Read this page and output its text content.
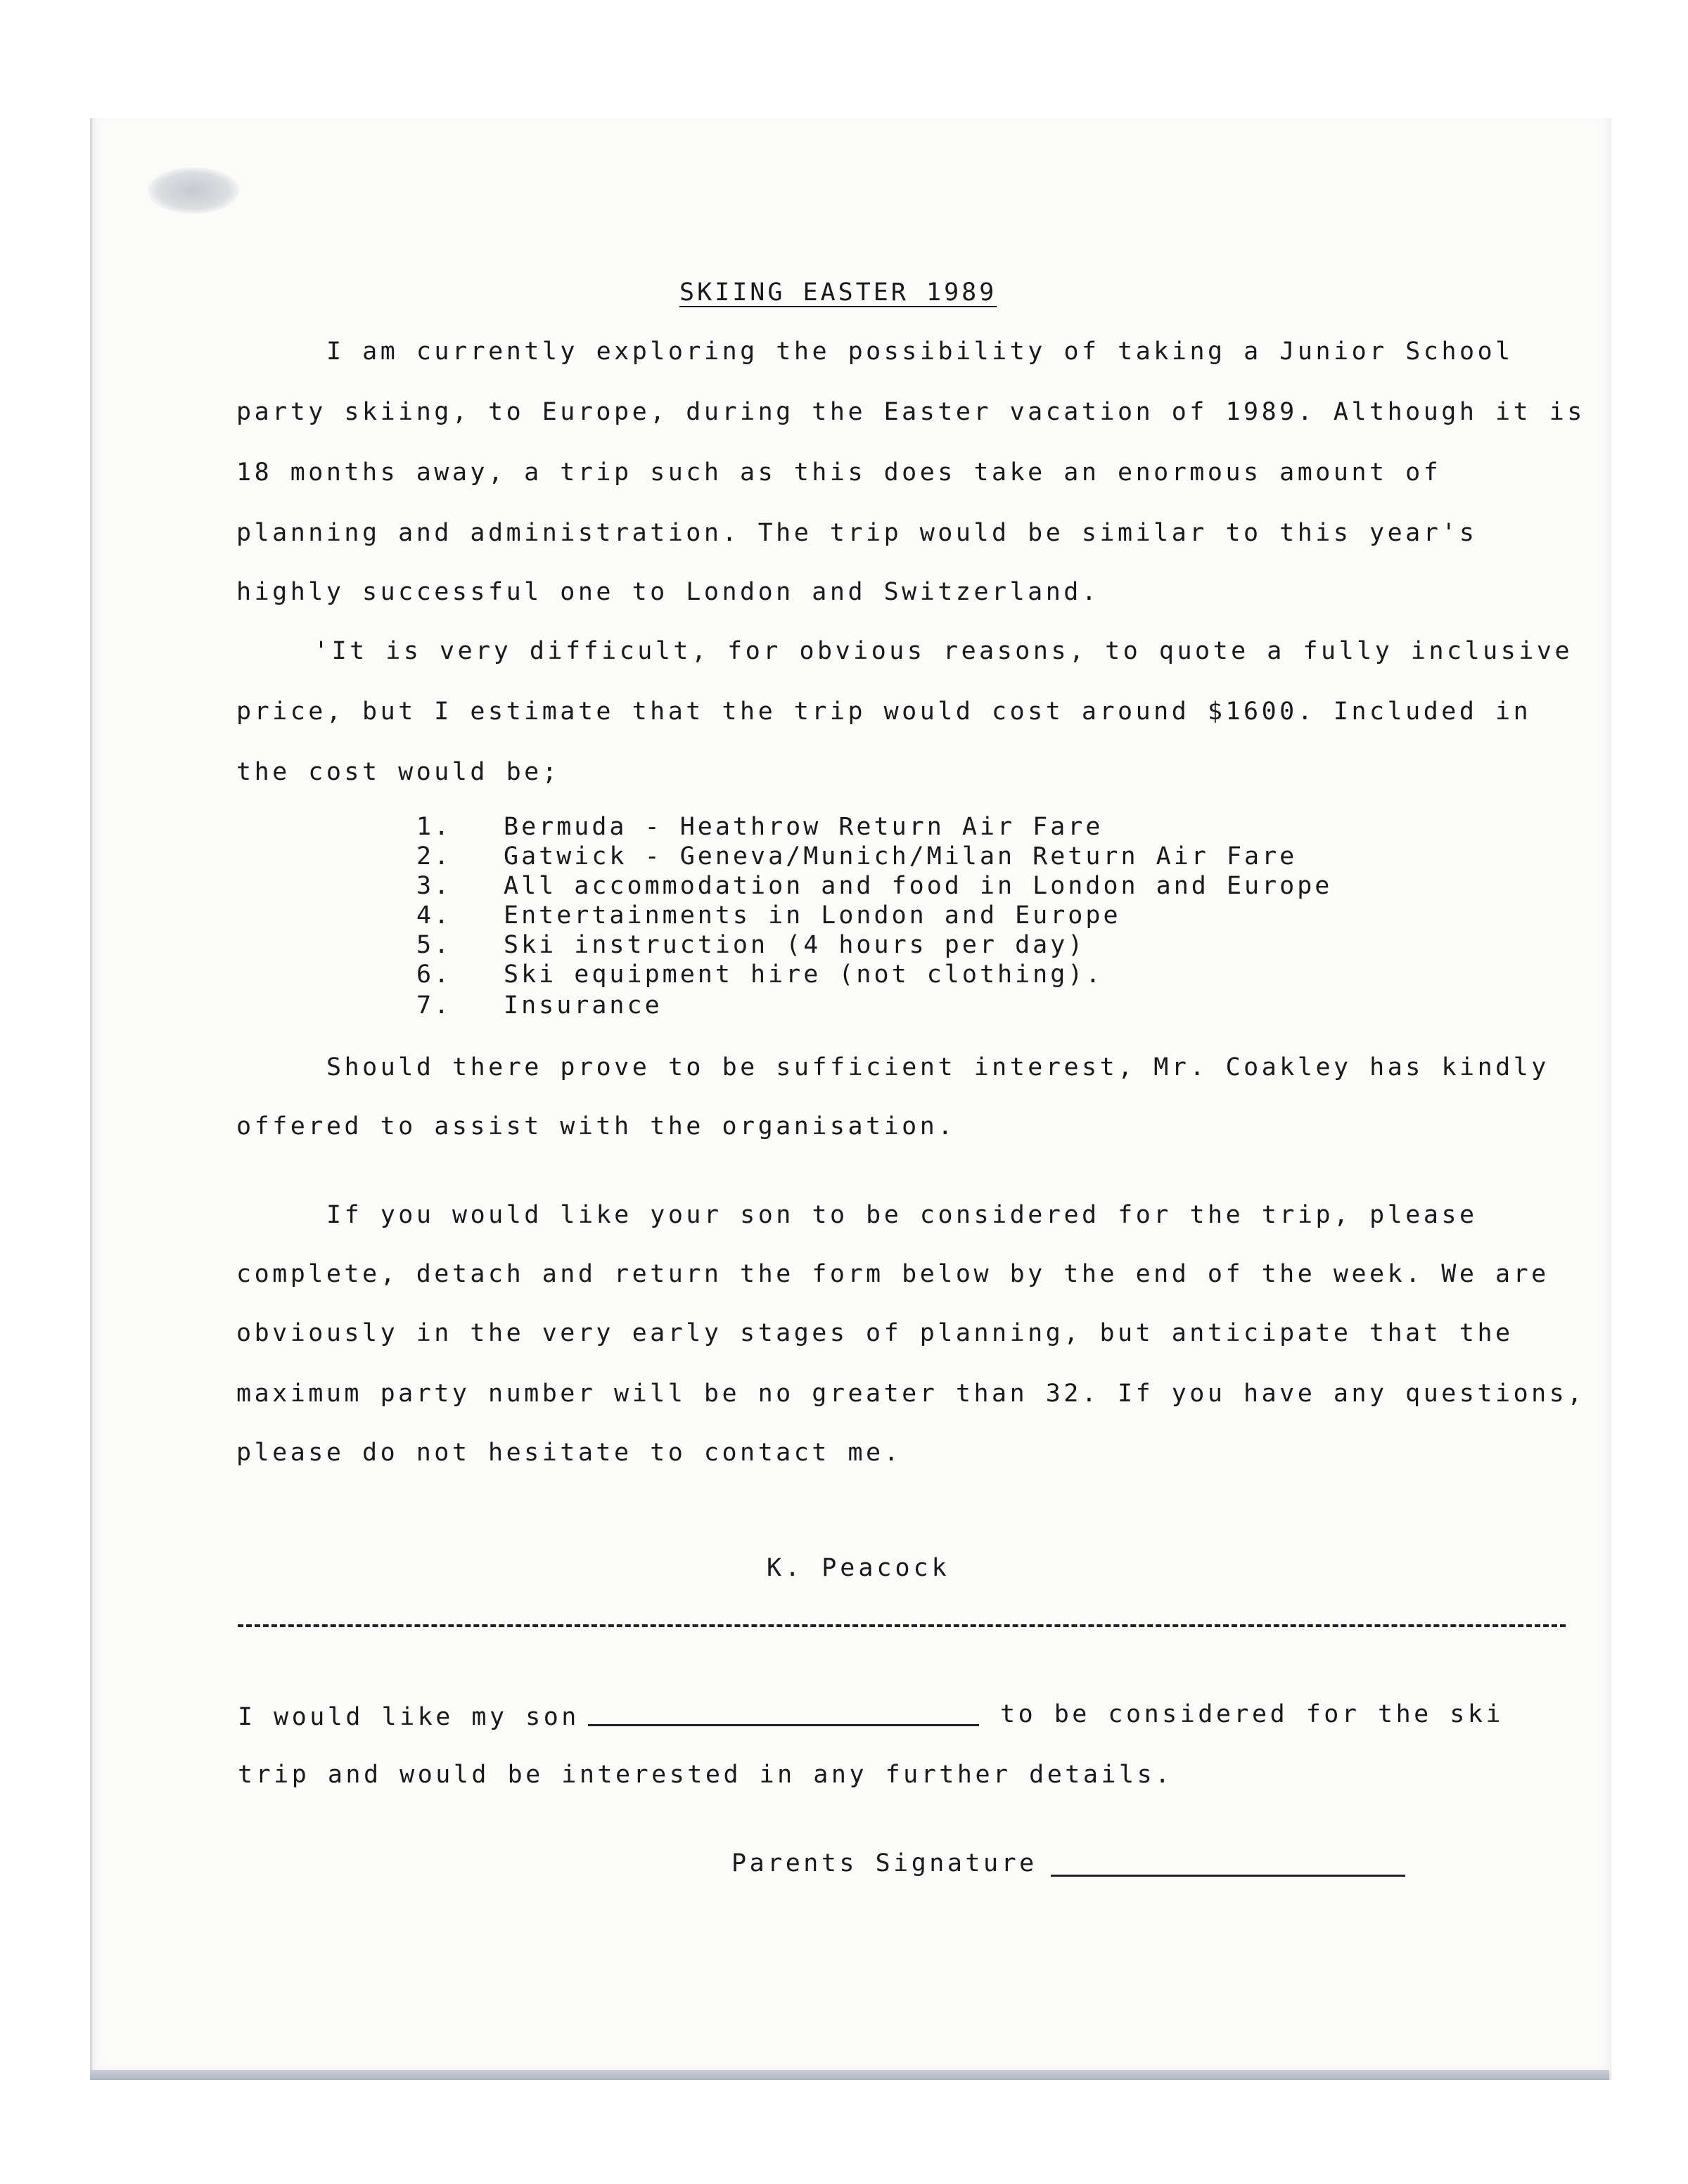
SKIING EASTER 1989
I am currently exploring the possibility of taking a Junior School
party skiing, to Europe, during the Easter vacation of 1989. Although it is
18 months away, a trip such as this does take an enormous amount of
planning and administration. The trip would be similar to this year's
highly successful one to London and Switzerland.
'It is very difficult, for obvious reasons, to quote a fully inclusive
price, but I estimate that the trip would cost around $1600. Included in
the cost would be;
1. Bermuda - Heathrow Return Air Fare
2. Gatwick - Geneva/Munich/Milan Return Air Fare
3. All accommodation and food in London and Europe
4. Entertainments in London and Europe
5. Ski instruction (4 hours per day)
6. Ski equipment hire (not clothing).
7. Insurance
Should there prove to be sufficient interest, Mr. Coakley has kindly
offered to assist with the organisation.
If you would like your son to be considered for the trip, please
complete, detach and return the form below by the end of the week. We are
obviously in the very early stages of planning, but anticipate that the
maximum party number will be no greater than 32. If you have any questions,
please do not hesitate to contact me.
K. Peacock
I would like my son	to be considered for the ski
trip and would be interested in any further details.
Parents Signature
